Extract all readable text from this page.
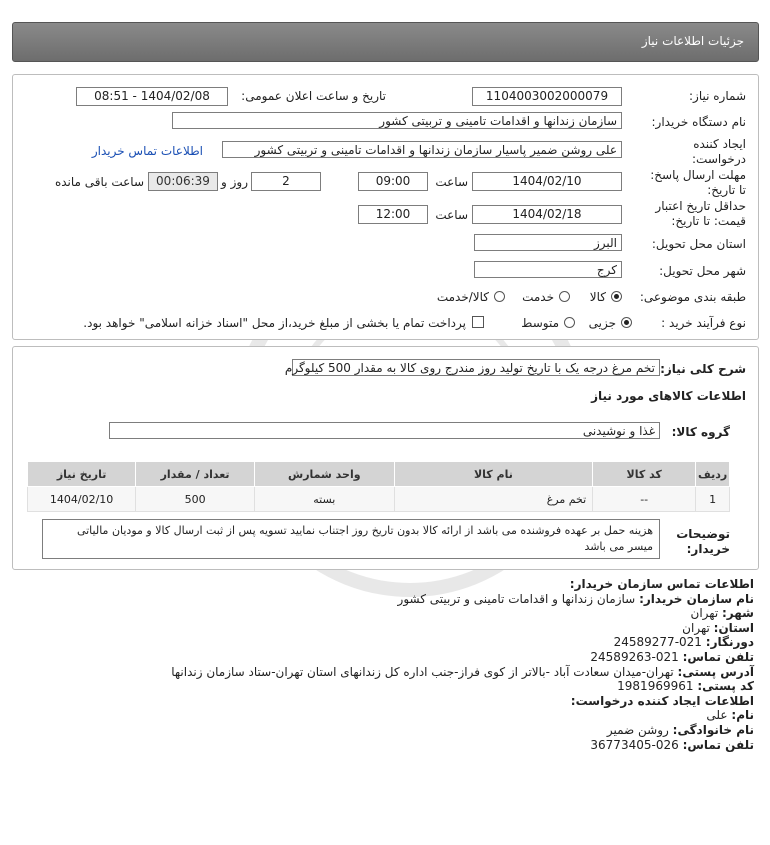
جزئیات اطلاعات نیاز
شماره نیاز:
1104003002000079
تاریخ و ساعت اعلان عمومی:
1404/02/08 - 08:51
نام دستگاه خریدار:
سازمان زندانها و اقدامات تامینی و تربیتی کشور
ایجاد کننده
درخواست:
علی روشن ضمیر پاسیار سازمان زندانها و اقدامات تامینی و تربیتی کشور
اطلاعات تماس خریدار
مهلت ارسال پاسخ:
تا تاریخ:
1404/02/10
ساعت
09:00
2
روز و
00:06:39
ساعت باقی مانده
حداقل تاریخ اعتبار
قیمت: تا تاریخ:
1404/02/18
ساعت
12:00
استان محل تحویل:
البرز
شهر محل تحویل:
کرج
طبقه بندی موضوعی:
کالا
خدمت
کالا/خدمت
نوع فرآیند خرید :
جزیی
متوسط
پرداخت تمام یا بخشی از مبلغ خرید،از محل "اسناد خزانه اسلامی" خواهد بود.
شرح کلی نیاز:
تخم مرغ درجه یک با تاریخ تولید روز مندرج روی کالا به مقدار 500 کیلوگرم
اطلاعات کالاهای مورد نیاز
گروه کالا:
غذا و نوشیدنی
ردیف	کد کالا	نام کالا	واحد شمارش	تعداد / مقدار	تاریخ نیاز
1	--	تخم مرغ	بسته	500	1404/02/10
توضیحات
خریدار:
هزینه حمل بر عهده فروشنده می باشد از ارائه کالا بدون تاریخ روز اجتناب نمایید تسویه پس از ثبت ارسال کالا و مودیان مالیاتی میسر می باشد
اطلاعات تماس سازمان خریدار:
نام سازمان خریدار: سازمان زندانها و اقدامات تامینی و تربیتی کشور
شهر: تهران
استان: تهران
دورنگار: 021-24589277
تلفن تماس: 021-24589263
آدرس پستی: تهران-میدان سعادت آباد -بالاتر از کوی فراز-جنب اداره کل زندانهای استان تهران-ستاد سازمان زندانها
کد پستی: 1981969961
اطلاعات ایجاد کننده درخواست:
نام: علی
نام خانوادگی: روشن ضمیر
تلفن تماس: 026-36773405
